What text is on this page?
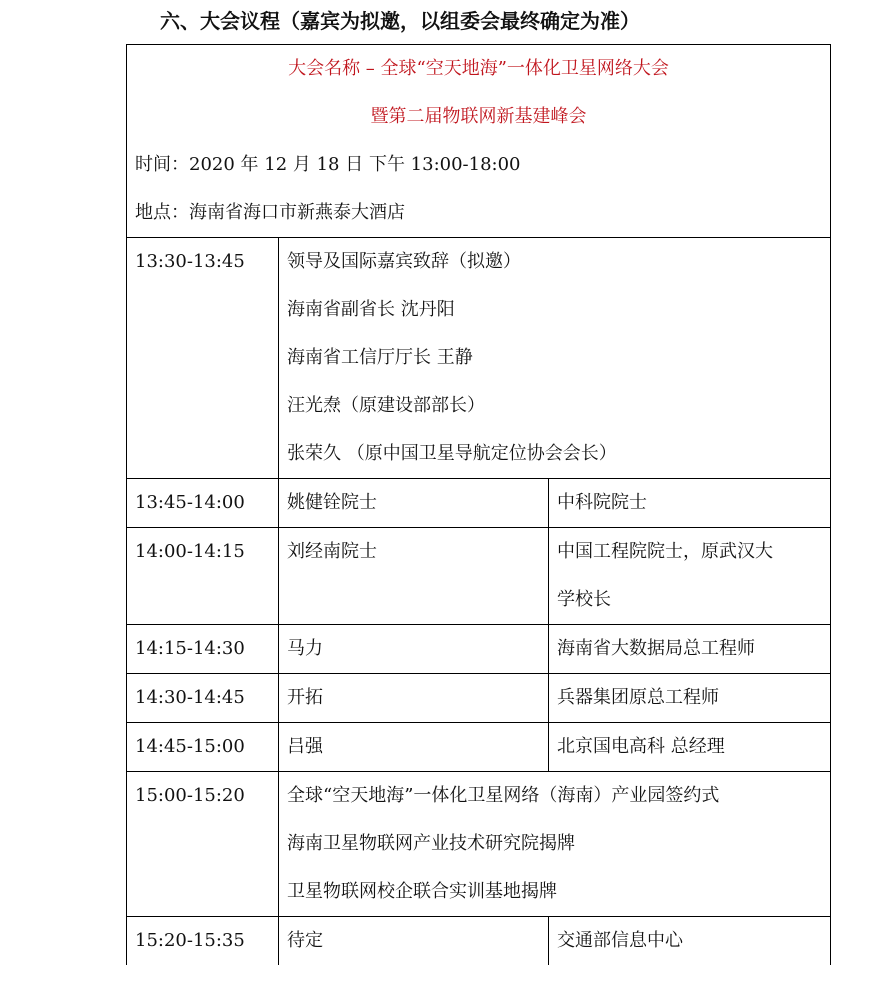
六、大会议程（嘉宾为拟邀，以组委会最终确定为准）
大会名称 – 全球“空天地海”一体化卫星网络大会
暨第二届物联网新基建峰会
时间：2020 年 12 月 18 日 下午 13:00-18:00
地点：海南省海口市新燕泰大酒店		

13:30-13:45	领导及国际嘉宾致辞（拟邀）
海南省副省长 沈丹阳
海南省工信厅厅长 王静
汪光焘（原建设部部长）
张荣久 （原中国卫星导航定位协会会长）	

13:45-14:00	姚健铨院士	中科院院士

14:00-14:15	刘经南院士	中国工程院院士，原武汉大
学校长

14:15-14:30	马力	海南省大数据局总工程师

14:30-14:45	开拓	兵器集团原总工程师

14:45-15:00	吕强	北京国电高科 总经理

15:00-15:20	全球“空天地海”一体化卫星网络（海南）产业园签约式
海南卫星物联网产业技术研究院揭牌
卫星物联网校企联合实训基地揭牌	

15:20-15:35	待定	交通部信息中心
